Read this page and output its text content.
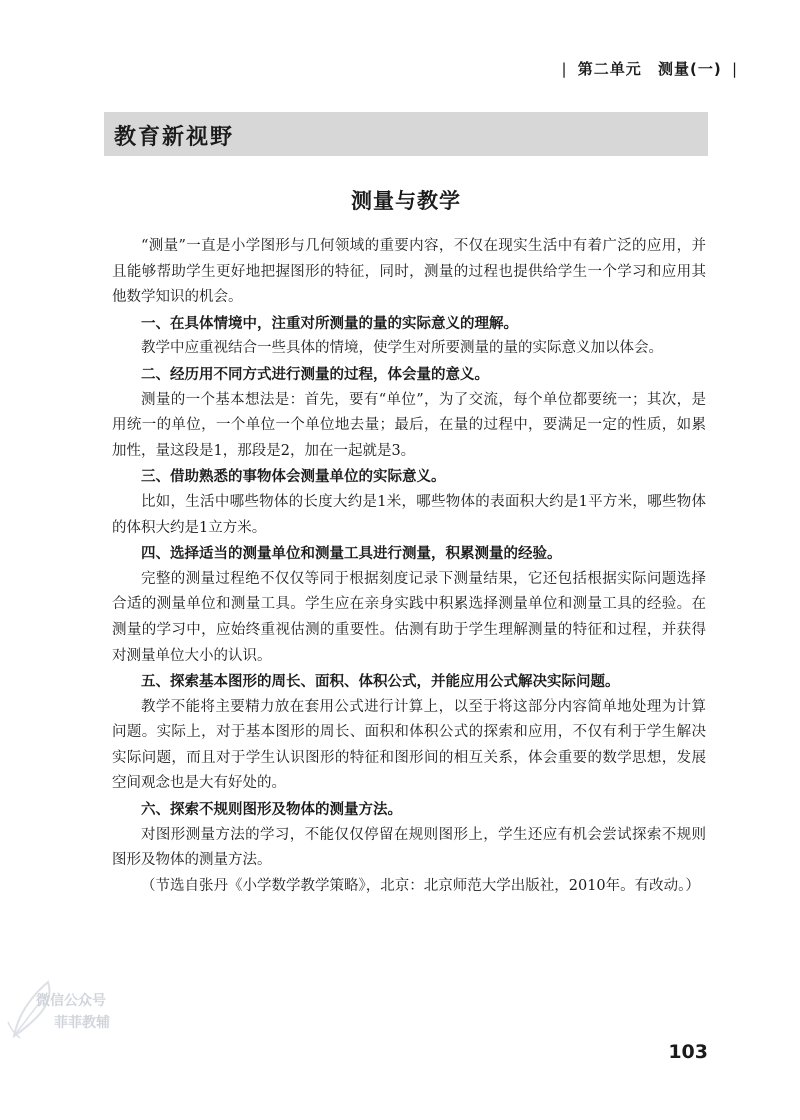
| 第二单元 测量(一) |
教育新视野
测量与教学

“测量”一直是小学图形与几何领域的重要内容，不仅在现实生活中有着广泛的应用，并且能够帮助学生更好地把握图形的特征，同时，测量的过程也提供给学生一个学习和应用其他数学知识的机会。

一、在具体情境中，注重对所测量的量的实际意义的理解。

教学中应重视结合一些具体的情境，使学生对所要测量的量的实际意义加以体会。

二、经历用不同方式进行测量的过程，体会量的意义。

测量的一个基本想法是：首先，要有“单位”，为了交流，每个单位都要统一；其次，是用统一的单位，一个单位一个单位地去量；最后，在量的过程中，要满足一定的性质，如累加性，量这段是1，那段是2，加在一起就是3。

三、借助熟悉的事物体会测量单位的实际意义。

比如，生活中哪些物体的长度大约是1米，哪些物体的表面积大约是1平方米，哪些物体的体积大约是1立方米。

四、选择适当的测量单位和测量工具进行测量，积累测量的经验。

完整的测量过程绝不仅仅等同于根据刻度记录下测量结果，它还包括根据实际问题选择合适的测量单位和测量工具。学生应在亲身实践中积累选择测量单位和测量工具的经验。在测量的学习中，应始终重视估测的重要性。估测有助于学生理解测量的特征和过程，并获得对测量单位大小的认识。

五、探索基本图形的周长、面积、体积公式，并能应用公式解决实际问题。

教学不能将主要精力放在套用公式进行计算上，以至于将这部分内容简单地处理为计算问题。实际上，对于基本图形的周长、面积和体积公式的探索和应用，不仅有利于学生解决实际问题，而且对于学生认识图形的特征和图形间的相互关系，体会重要的数学思想，发展空间观念也是大有好处的。

六、探索不规则图形及物体的测量方法。

对图形测量方法的学习，不能仅仅停留在规则图形上，学生还应有机会尝试探索不规则图形及物体的测量方法。

（节选自张丹《小学数学教学策略》，北京：北京师范大学出版社，2010年。有改动。）

微信公众号
菲菲教辅
103
